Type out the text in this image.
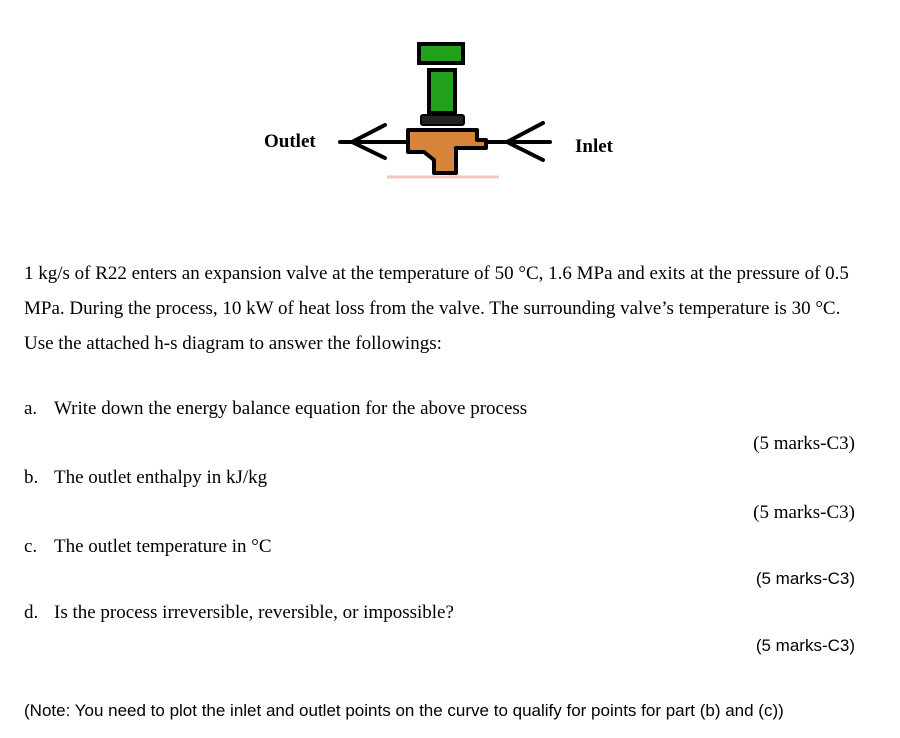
Outlet	Inlet

1 kg/s of R22 enters an expansion valve at the temperature of 50 °C, 1.6 MPa and exits at the pressure of 0.5 MPa. During the process, 10 kW of heat loss from the valve. The surrounding valve’s temperature is 30 °C. Use the attached h-s diagram to answer the followings:

a. Write down the energy balance equation for the above process
(5 marks-C3)
b. The outlet enthalpy in kJ/kg
(5 marks-C3)
c. The outlet temperature in °C
(5 marks-C3)
d. Is the process irreversible, reversible, or impossible?
(5 marks-C3)
(Note: You need to plot the inlet and outlet points on the curve to qualify for points for part (b) and (c))
